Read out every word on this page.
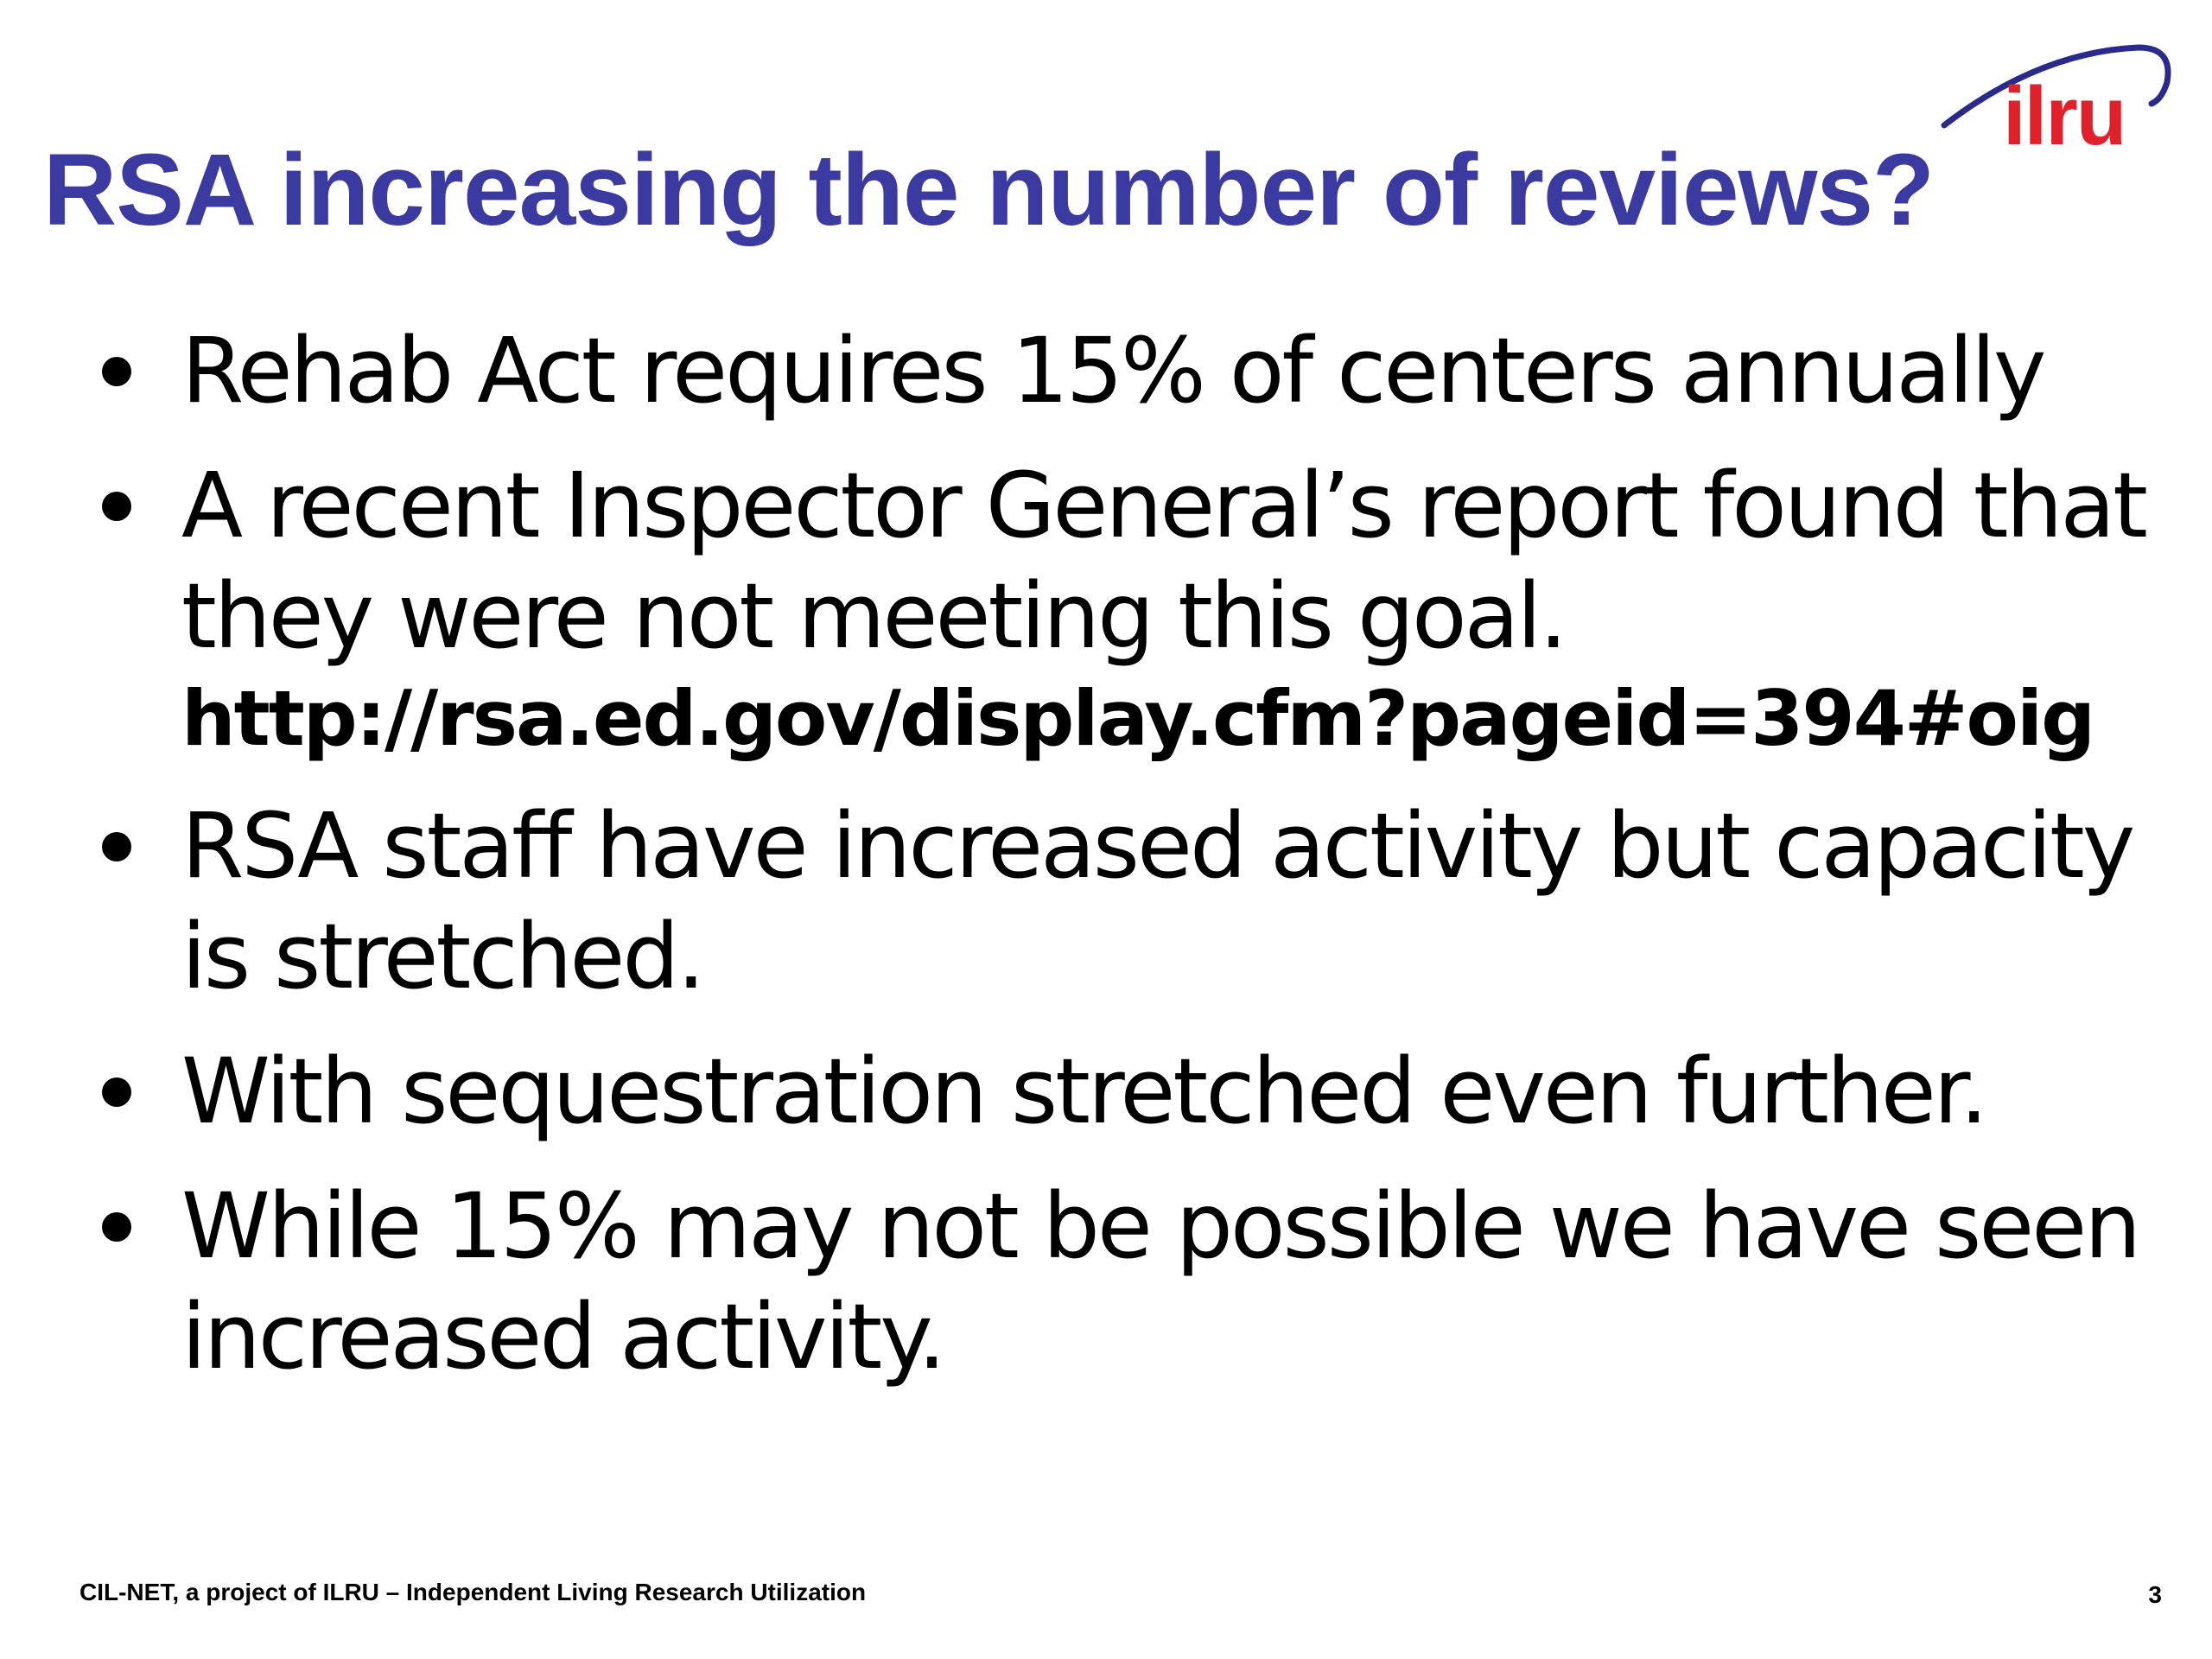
RSA increasing the number of reviews?
ilru
Rehab Act requires 15% of centers annually
A recent Inspector General’s report found that they were not meeting this goal.
http://rsa.ed.gov/display.cfm?pageid=394#oig
RSA staff have increased activity but capacity is stretched.
With sequestration stretched even further.
While 15% may not be possible we have seen increased activity.
CIL-NET, a project of ILRU – Independent Living Research Utilization	3
